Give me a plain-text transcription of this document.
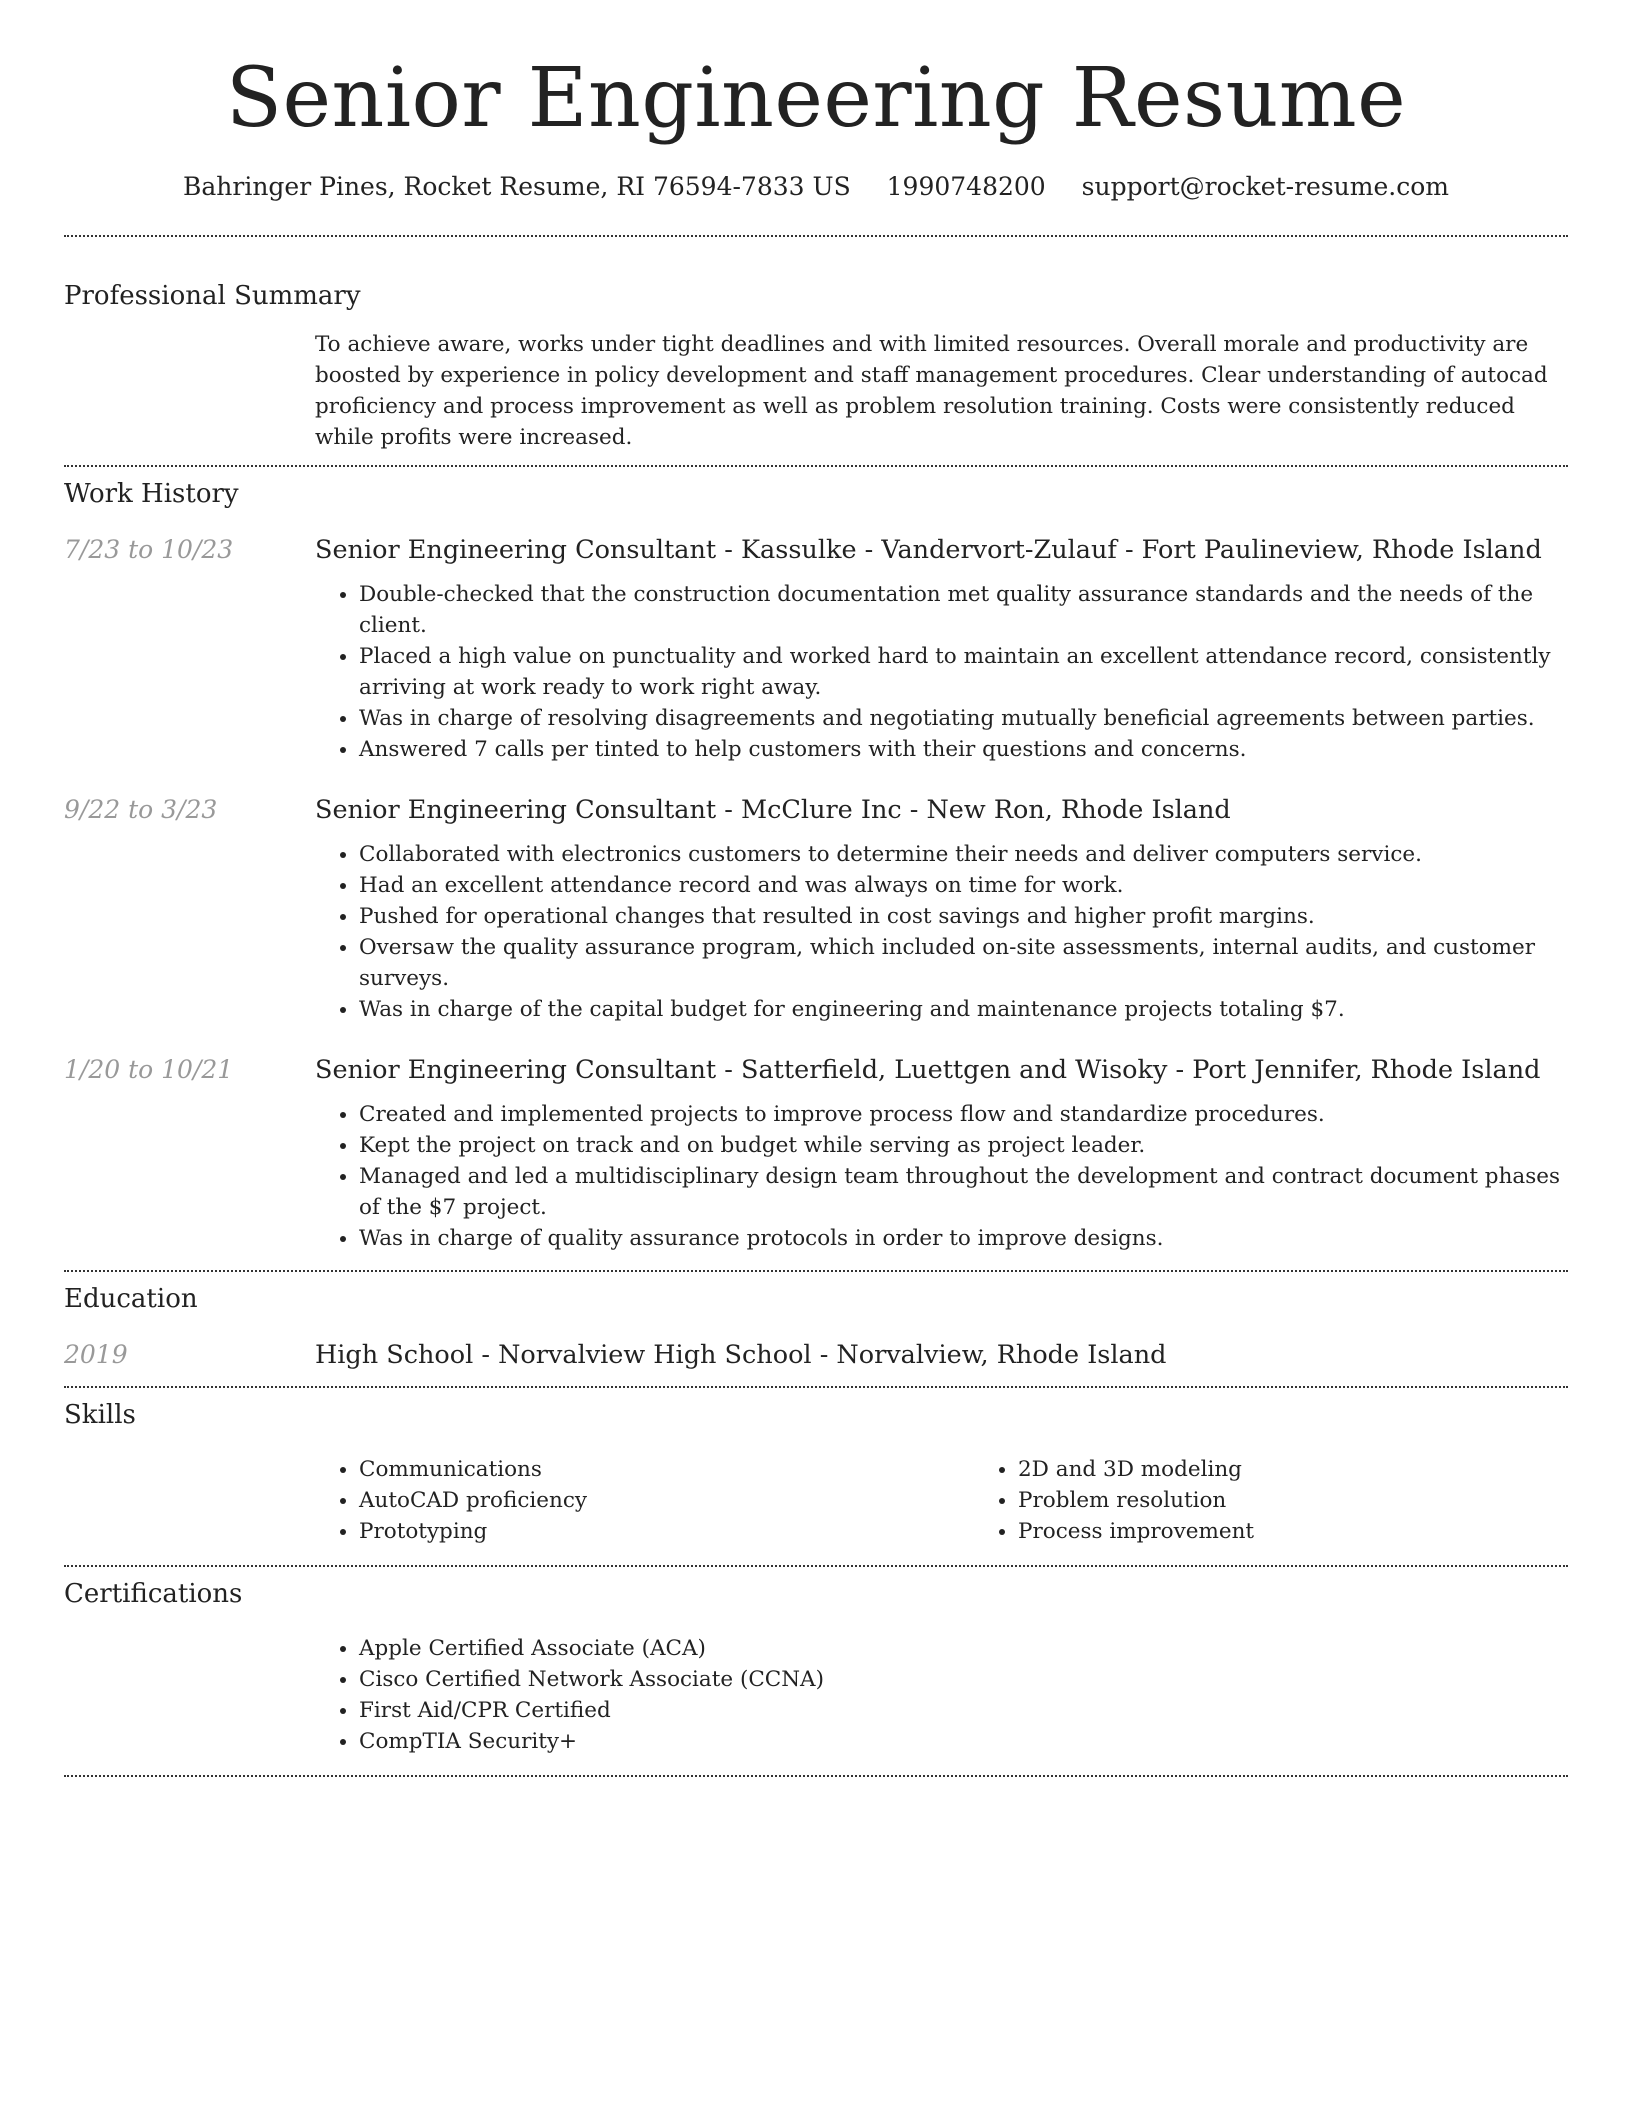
Senior Engineering Resume
Bahringer Pines, Rocket Resume, RI 76594-7833 US 1990748200 support@rocket-resume.com
Professional Summary
To achieve aware, works under tight deadlines and with limited resources. Overall morale and productivity are boosted by experience in policy development and staff management procedures. Clear understanding of autocad proficiency and process improvement as well as problem resolution training. Costs were consistently reduced while profits were increased.
Work History
7/23 to 10/23	Senior Engineering Consultant - Kassulke - Vandervort-Zulauf - Fort Paulineview, Rhode Island
• Double-checked that the construction documentation met quality assurance standards and the needs of the client.
• Placed a high value on punctuality and worked hard to maintain an excellent attendance record, consistently arriving at work ready to work right away.
• Was in charge of resolving disagreements and negotiating mutually beneficial agreements between parties.
• Answered 7 calls per tinted to help customers with their questions and concerns.
9/22 to 3/23	Senior Engineering Consultant - McClure Inc - New Ron, Rhode Island
• Collaborated with electronics customers to determine their needs and deliver computers service.
• Had an excellent attendance record and was always on time for work.
• Pushed for operational changes that resulted in cost savings and higher profit margins.
• Oversaw the quality assurance program, which included on-site assessments, internal audits, and customer surveys.
• Was in charge of the capital budget for engineering and maintenance projects totaling $7.
1/20 to 10/21	Senior Engineering Consultant - Satterfield, Luettgen and Wisoky - Port Jennifer, Rhode Island
• Created and implemented projects to improve process flow and standardize procedures.
• Kept the project on track and on budget while serving as project leader.
• Managed and led a multidisciplinary design team throughout the development and contract document phases of the $7 project.
• Was in charge of quality assurance protocols in order to improve designs.
Education
2019	High School - Norvalview High School - Norvalview, Rhode Island
Skills
• Communications
• AutoCAD proficiency
• Prototyping
• 2D and 3D modeling
• Problem resolution
• Process improvement
Certifications
• Apple Certified Associate (ACA)
• Cisco Certified Network Associate (CCNA)
• First Aid/CPR Certified
• CompTIA Security+
